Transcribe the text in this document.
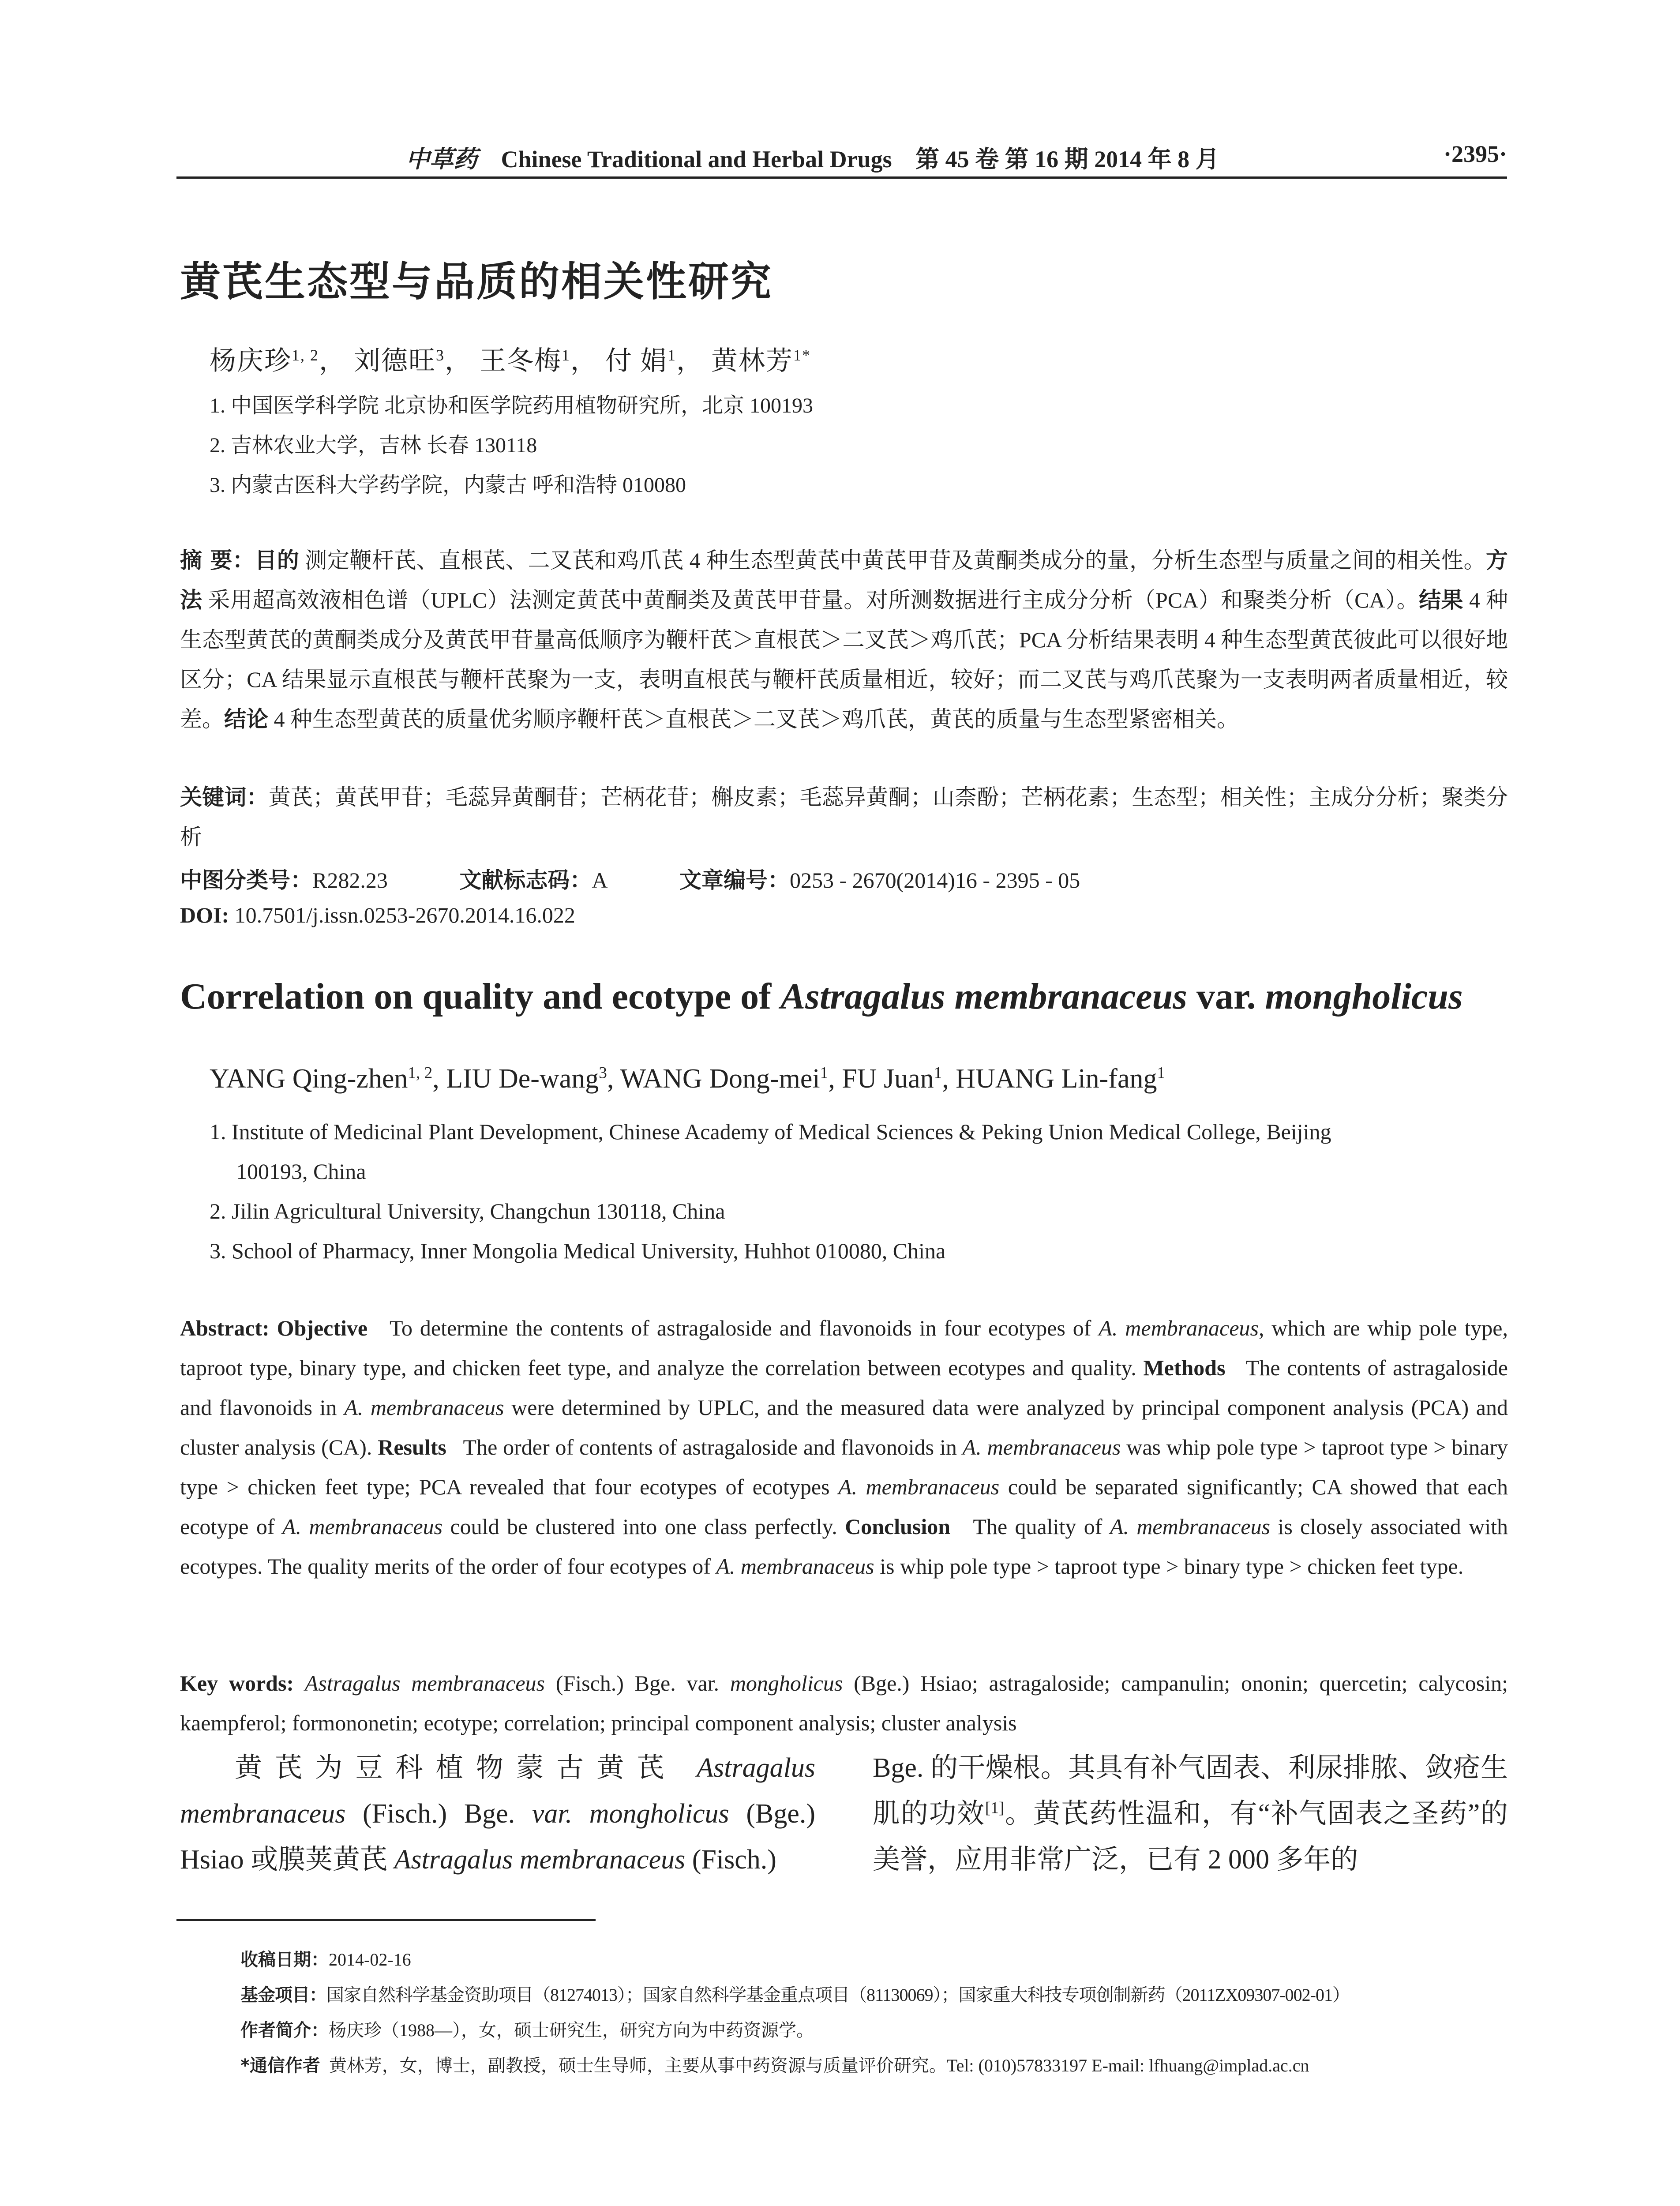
中草药 Chinese Traditional and Herbal Drugs 第 45 卷 第 16 期 2014 年 8 月	·2395·
黄芪生态型与品质的相关性研究
杨庆珍$^{1, 2}$， 刘德旺$^3$， 王冬梅$^1$， 付 娟$^1$， 黄林芳$^{1*}$
1. 中国医学科学院 北京协和医学院药用植物研究所，北京 100193
2. 吉林农业大学，吉林 长春 130118
3. 内蒙古医科大学药学院，内蒙古 呼和浩特 010080
摘 要：目的 测定鞭杆芪、直根芪、二叉芪和鸡爪芪 4 种生态型黄芪中黄芪甲苷及黄酮类成分的量，分析生态型与质量之间的相关性。方法 采用超高效液相色谱（UPLC）法测定黄芪中黄酮类及黄芪甲苷量。对所测数据进行主成分分析（PCA）和聚类分析（CA）。结果 4 种生态型黄芪的黄酮类成分及黄芪甲苷量高低顺序为鞭杆芪＞直根芪＞二叉芪＞鸡爪芪；PCA 分析结果表明 4 种生态型黄芪彼此可以很好地区分；CA 结果显示直根芪与鞭杆芪聚为一支，表明直根芪与鞭杆芪质量相近，较好；而二叉芪与鸡爪芪聚为一支表明两者质量相近，较差。结论 4 种生态型黄芪的质量优劣顺序鞭杆芪＞直根芪＞二叉芪＞鸡爪芪，黄芪的质量与生态型紧密相关。
关键词：黄芪；黄芪甲苷；毛蕊异黄酮苷；芒柄花苷；槲皮素；毛蕊异黄酮；山柰酚；芒柄花素；生态型；相关性；主成分分析；聚类分析
中图分类号：R282.23	文献标志码：A	文章编号：0253 - 2670(2014)16 - 2395 - 05
DOI: 10.7501/j.issn.0253-2670.2014.16.022
Correlation on quality and ecotype of Astragalus membranaceus var. mongholicus
YANG Qing-zhen$^{1, 2}$, LIU De-wang$^3$, WANG Dong-mei$^1$, FU Juan$^1$, HUANG Lin-fang$^1$
1. Institute of Medicinal Plant Development, Chinese Academy of Medical Sciences & Peking Union Medical College, Beijing
100193, China
2. Jilin Agricultural University, Changchun 130118, China
3. School of Pharmacy, Inner Mongolia Medical University, Huhhot 010080, China
Abstract: Objective To determine the contents of astragaloside and flavonoids in four ecotypes of A. membranaceus, which are whip pole type, taproot type, binary type, and chicken feet type, and analyze the correlation between ecotypes and quality. Methods The contents of astragaloside and flavonoids in A. membranaceus were determined by UPLC, and the measured data were analyzed by principal component analysis (PCA) and cluster analysis (CA). Results The order of contents of astragaloside and flavonoids in A. membranaceus was whip pole type > taproot type > binary type > chicken feet type; PCA revealed that four ecotypes of ecotypes A. membranaceus could be separated significantly; CA showed that each ecotype of A. membranaceus could be clustered into one class perfectly. Conclusion The quality of A. membranaceus is closely associated with ecotypes. The quality merits of the order of four ecotypes of A. membranaceus is whip pole type > taproot type > binary type > chicken feet type.
Key words: Astragalus membranaceus (Fisch.) Bge. var. mongholicus (Bge.) Hsiao; astragaloside; campanulin; ononin; quercetin; calycosin; kaempferol; formononetin; ecotype; correlation; principal component analysis; cluster analysis
黄芪为豆科植物蒙古黄芪 Astragalus membranaceus (Fisch.) Bge. var. mongholicus (Bge.) Hsiao 或膜荚黄芪 Astragalus membranaceus (Fisch.)
Bge. 的干燥根。其具有补气固表、利尿排脓、敛疮生肌的功效[1]。黄芪药性温和，有“补气固表之圣药”的美誉，应用非常广泛，已有 2 000 多年的
收稿日期：2014-02-16
基金项目：国家自然科学基金资助项目（81274013）；国家自然科学基金重点项目（81130069）；国家重大科技专项创制新药（2011ZX09307-002-01）
作者简介：杨庆珍（1988—），女，硕士研究生，研究方向为中药资源学。
*通信作者 黄林芳，女，博士，副教授，硕士生导师，主要从事中药资源与质量评价研究。Tel: (010)57833197 E-mail: lfhuang@implad.ac.cn
